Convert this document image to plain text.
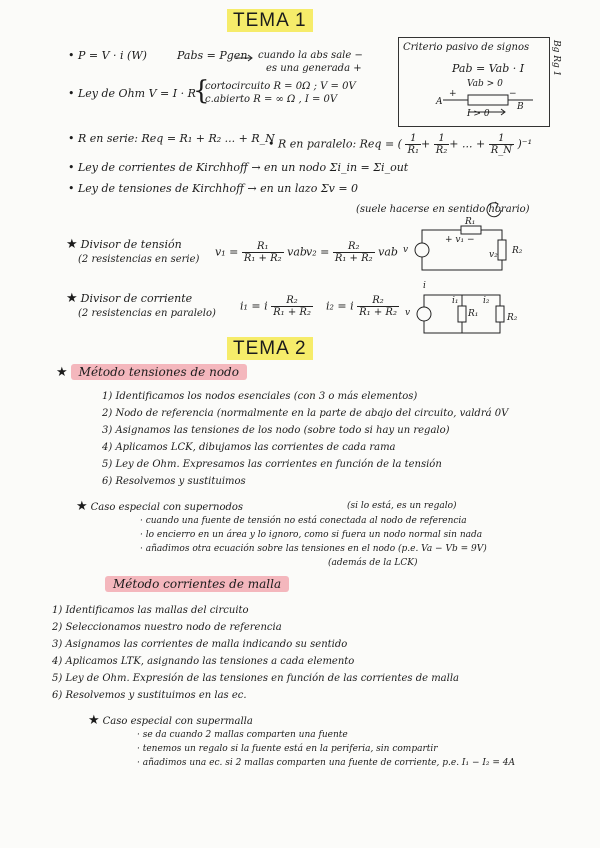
TEMA 1
• P = V · i (W)	Pabs = Pgen cuando la abs sale −
es una generada +
• Ley de Ohm V = I · R
{
cortocircuito R = 0Ω ; V = 0V
c.abierto R = ∞ Ω , I = 0V
Criterio pasivo de signos
Pab = Vab · I
Vab > 0
+	−
A	B
I > 0
Bg Rg 1
• R en serie: Req = R₁ + R₂ ... + R_N
• R en paralelo: Req = ( $\frac{1}{\text{R₁}} + \frac{1}{\text{R₂}}$ + ... + $\frac{1}{R\_N} )^{-1}$
• Ley de corrientes de Kirchhoff → en un nodo Σi_in = Σi_out
• Ley de tensiones de Kirchhoff → en un lazo Σv = 0
(suele hacerse en sentido horario)
★ Divisor de tensión
(2 resistencias en serie)
$v_1 = \frac{\text{R₁}}{\text{R₁ + R₂}}$ vab $v_2 = \frac{\text{R₂}}{\text{R₁ + R₂}}$ vab v
R₁
+ v₁ −
v₂ R₂
★ Divisor de corriente
(2 resistencias en paralelo)
i₁ = i $\frac{\text{R₂}}{\text{R₁ + R₂}} i_2 = i \frac{\text{R₂}}{\text{R₁ + R₂}}$ v
i
i₁	i₂
R₁	R₂
TEMA 2
★ Método tensiones de nodo
1) Identificamos los nodos esenciales (con 3 o más elementos)
2) Nodo de referencia (normalmente en la parte de abajo del circuito, valdrá 0V
3) Asignamos las tensiones de los nodo (sobre todo si hay un regalo)
4) Aplicamos LCK, dibujamos las corrientes de cada rama
5) Ley de Ohm. Expresamos las corrientes en función de la tensión
6) Resolvemos y sustituimos
★ Caso especial con supernodos	(si lo está, es un regalo)
· cuando una fuente de tensión no está conectada al nodo de referencia
· lo encierro en un área y lo ignoro, como si fuera un nodo normal sin nada
· añadimos otra ecuación sobre las tensiones en el nodo (p.e. Va − Vb = 9V)
(además de la LCK)
Método corrientes de malla
1) Identificamos las mallas del circuito
2) Seleccionamos nuestro nodo de referencia
3) Asignamos las corrientes de malla indicando su sentido
4) Aplicamos LTK, asignando las tensiones a cada elemento
5) Ley de Ohm. Expresión de las tensiones en función de las corrientes de malla
6) Resolvemos y sustituimos en las ec.
★ Caso especial con supermalla
· se da cuando 2 mallas comparten una fuente
· tenemos un regalo si la fuente está en la periferia, sin compartir
· añadimos una ec. si 2 mallas comparten una fuente de corriente, p.e. I₁ − I₂ = 4A
